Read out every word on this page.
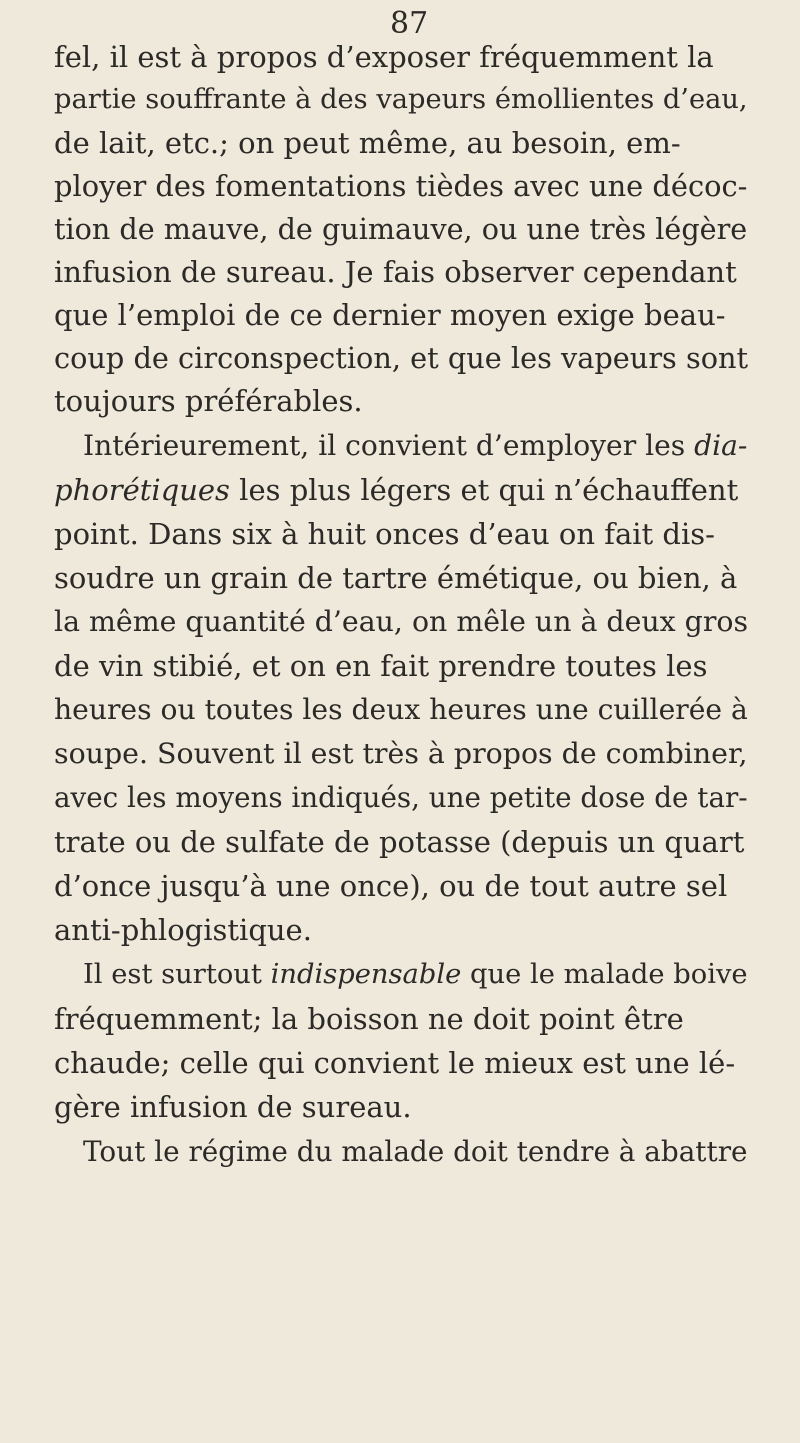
87
fel, il est à propos d’exposer fréquemment la
partie souffrante à des vapeurs émollientes d’eau,
de lait, etc.; on peut même, au besoin, em-
ployer des fomentations tièdes avec une décoc-
tion de mauve, de guimauve, ou une très légère
infusion de sureau. Je fais observer cependant
que l’emploi de ce dernier moyen exige beau-
coup de circonspection, et que les vapeurs sont
toujours préférables.
Intérieurement, il convient d’employer les dia-
phorétiques les plus légers et qui n’échauffent
point. Dans six à huit onces d’eau on fait dis-
soudre un grain de tartre émétique, ou bien, à
la même quantité d’eau, on mêle un à deux gros
de vin stibié, et on en fait prendre toutes les
heures ou toutes les deux heures une cuillerée à
soupe. Souvent il est très à propos de combiner,
avec les moyens indiqués, une petite dose de tar-
trate ou de sulfate de potasse (depuis un quart
d’once jusqu’à une once), ou de tout autre sel
anti-phlogistique.
Il est surtout indispensable que le malade boive
fréquemment; la boisson ne doit point être
chaude; celle qui convient le mieux est une lé-
gère infusion de sureau.
Tout le régime du malade doit tendre à abattre
